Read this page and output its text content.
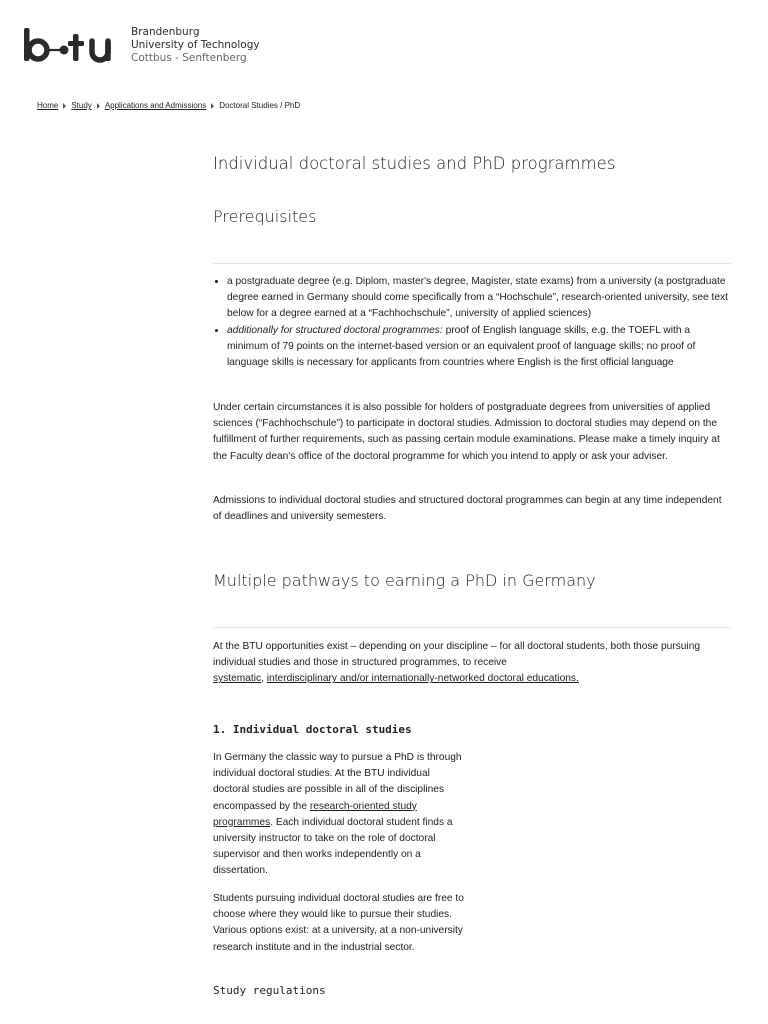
Brandenburg
University of Technology
Cottbus - Senftenberg
Home Study Applications and Admissions Doctoral Studies / PhD
Individual doctoral studies and PhD programmes
Prerequisites
• a postgraduate degree (e.g. Diplom, master's degree, Magister, state exams) from a university (a postgraduate degree earned in Germany should come specifically from a “Hochschule”, research-oriented university, see text below for a degree earned at a “Fachhochschule”, university of applied sciences)
• additionally for structured doctoral programmes: proof of English language skills, e.g. the TOEFL with a minimum of 79 points on the internet-based version or an equivalent proof of language skills; no proof of language skills is necessary for applicants from countries where English is the first official language

Under certain circumstances it is also possible for holders of postgraduate degrees from universities of applied sciences (“Fachhochschule”) to participate in doctoral studies. Admission to doctoral studies may depend on the fulfillment of further requirements, such as passing certain module examinations. Please make a timely inquiry at the Faculty dean's office of the doctoral programme for which you intend to apply or ask your adviser.

Admissions to individual doctoral studies and structured doctoral programmes can begin at any time independent of deadlines and university semesters.

Multiple pathways to earning a PhD in Germany
At the BTU opportunities exist – depending on your discipline – for all doctoral students, both those pursuing individual studies and those in structured programmes, to receive
systematic, interdisciplinary and/or internationally-networked doctoral educations.
1. Individual doctoral studies

In Germany the classic way to pursue a PhD is through individual doctoral studies. At the BTU individual doctoral studies are possible in all of the disciplines encompassed by the research-oriented study programmes. Each individual doctoral student finds a university instructor to take on the role of doctoral supervisor and then works independently on a dissertation.

Students pursuing individual doctoral studies are free to choose where they would like to pursue their studies. Various options exist: at a university, at a non-university research institute and in the industrial sector.

Study regulations
